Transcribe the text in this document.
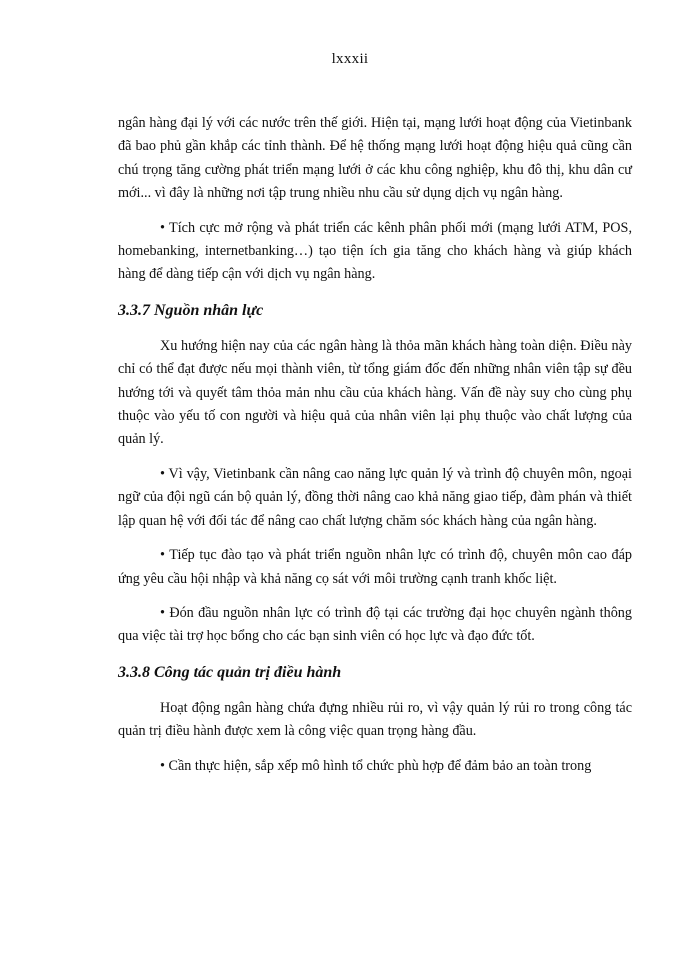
lxxxii

ngân hàng đại lý với các nước trên thế giới. Hiện tại, mạng lưới hoạt động của Vietinbank đã bao phủ gần khắp các tỉnh thành. Để hệ thống mạng lưới hoạt động hiệu quả cũng cần chú trọng tăng cường phát triển mạng lưới ở các khu công nghiệp, khu đô thị, khu dân cư mới... vì đây là những nơi tập trung nhiều nhu cầu sử dụng dịch vụ ngân hàng.

• Tích cực mở rộng và phát triển các kênh phân phối mới (mạng lưới ATM, POS, homebanking, internetbanking…) tạo tiện ích gia tăng cho khách hàng và giúp khách hàng để dàng tiếp cận với dịch vụ ngân hàng.

3.3.7 Nguồn nhân lực

Xu hướng hiện nay của các ngân hàng là thỏa mãn khách hàng toàn diện. Điều này chỉ có thể đạt được nếu mọi thành viên, từ tổng giám đốc đến những nhân viên tập sự đều hướng tới và quyết tâm thỏa mản nhu cầu của khách hàng. Vấn đề này suy cho cùng phụ thuộc vào yếu tố con người và hiệu quả của nhân viên lại phụ thuộc vào chất lượng của quản lý.

• Vì vậy, Vietinbank cần nâng cao năng lực quản lý và trình độ chuyên môn, ngoại ngữ của đội ngũ cán bộ quản lý, đồng thời nâng cao khả năng giao tiếp, đàm phán và thiết lập quan hệ với đối tác để nâng cao chất lượng chăm sóc khách hàng của ngân hàng.

• Tiếp tục đào tạo và phát triển nguồn nhân lực có trình độ, chuyên môn cao đáp ứng yêu cầu hội nhập và khả năng cọ sát với môi trường cạnh tranh khốc liệt.

• Đón đầu nguồn nhân lực có trình độ tại các trường đại học chuyên ngành thông qua việc tài trợ học bổng cho các bạn sinh viên có học lực và đạo đức tốt.

3.3.8 Công tác quản trị điều hành

Hoạt động ngân hàng chứa đựng nhiều rủi ro, vì vậy quản lý rủi ro trong công tác quản trị điều hành được xem là công việc quan trọng hàng đầu.

• Cần thực hiện, sắp xếp mô hình tổ chức phù hợp để đảm bảo an toàn trong
